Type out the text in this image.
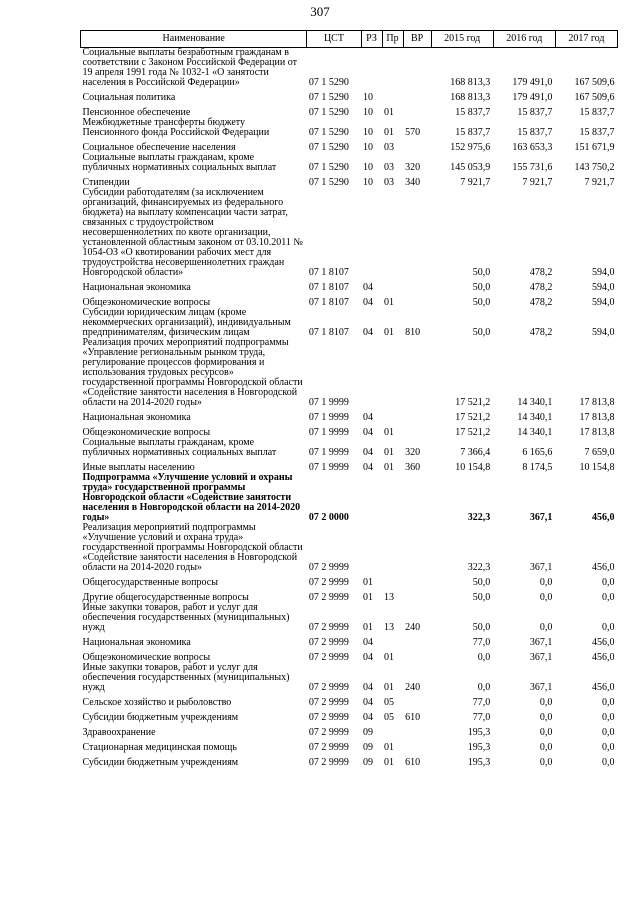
307
Наименование	ЦСТ	РЗ	Пр	ВР	2015 год	2016 год	2017 год
Социальные выплаты безработным гражданам в соответствии с Законом Российской Федерации от 19 апреля 1991 года № 1032-1 «О занятости населения в Российской Федерации»	07 1 5290				168 813,3	179 491,0	167 509,6
Социальная политика	07 1 5290	10			168 813,3	179 491,0	167 509,6
Пенсионное обеспечение	07 1 5290	10	01		15 837,7	15 837,7	15 837,7
Межбюджетные трансферты бюджету Пенсионного фонда Российской Федерации	07 1 5290	10	01	570	15 837,7	15 837,7	15 837,7
Социальное обеспечение населения	07 1 5290	10	03		152 975,6	163 653,3	151 671,9
Социальные выплаты гражданам, кроме публичных нормативных социальных выплат	07 1 5290	10	03	320	145 053,9	155 731,6	143 750,2
Стипендии	07 1 5290	10	03	340	7 921,7	7 921,7	7 921,7
Субсидии работодателям (за исключением организаций, финансируемых из федерального бюджета) на выплату компенсации части затрат, связанных с трудоустройством несовершеннолетних по квоте организации, установленной областным законом от 03.10.2011 № 1054-ОЗ «О квотировании рабочих мест для трудоустройства несовершеннолетних граждан Новгородской области»	07 1 8107				50,0	478,2	594,0
Национальная экономика	07 1 8107	04			50,0	478,2	594,0
Общеэкономические вопросы	07 1 8107	04	01		50,0	478,2	594,0
Субсидии юридическим лицам (кроме некоммерческих организаций), индивидуальным предпринимателям, физическим лицам	07 1 8107	04	01	810	50,0	478,2	594,0
Реализация прочих мероприятий подпрограммы «Управление региональным рынком труда, регулирование процессов формирования и использования трудовых ресурсов» государственной программы Новгородской области «Содействие занятости населения в Новгородской области на 2014-2020 годы»	07 1 9999				17 521,2	14 340,1	17 813,8
Национальная экономика	07 1 9999	04			17 521,2	14 340,1	17 813,8
Общеэкономические вопросы	07 1 9999	04	01		17 521,2	14 340,1	17 813,8
Социальные выплаты гражданам, кроме публичных нормативных социальных выплат	07 1 9999	04	01	320	7 366,4	6 165,6	7 659,0
Иные выплаты населению	07 1 9999	04	01	360	10 154,8	8 174,5	10 154,8
Подпрограмма «Улучшение условий и охраны труда» государственной программы Новгородской области «Содействие занятости населения в Новгородской области на 2014-2020 годы»	07 2 0000				322,3	367,1	456,0
Реализация мероприятий подпрограммы «Улучшение условий и охрана труда» государственной программы Новгородской области «Содействие занятости населения в Новгородской области на 2014-2020 годы»	07 2 9999				322,3	367,1	456,0
Общегосударственные вопросы	07 2 9999	01			50,0	0,0	0,0
Другие общегосударственные вопросы	07 2 9999	01	13		50,0	0,0	0,0
Иные закупки товаров, работ и услуг для обеспечения государственных (муниципальных) нужд	07 2 9999	01	13	240	50,0	0,0	0,0
Национальная экономика	07 2 9999	04			77,0	367,1	456,0
Общеэкономические вопросы	07 2 9999	04	01		0,0	367,1	456,0
Иные закупки товаров, работ и услуг для обеспечения государственных (муниципальных) нужд	07 2 9999	04	01	240	0,0	367,1	456,0
Сельское хозяйство и рыболовство	07 2 9999	04	05		77,0	0,0	0,0
Субсидии бюджетным учреждениям	07 2 9999	04	05	610	77,0	0,0	0,0
Здравоохранение	07 2 9999	09			195,3	0,0	0,0
Стационарная медицинская помощь	07 2 9999	09	01		195,3	0,0	0,0
Субсидии бюджетным учреждениям	07 2 9999	09	01	610	195,3	0,0	0,0
